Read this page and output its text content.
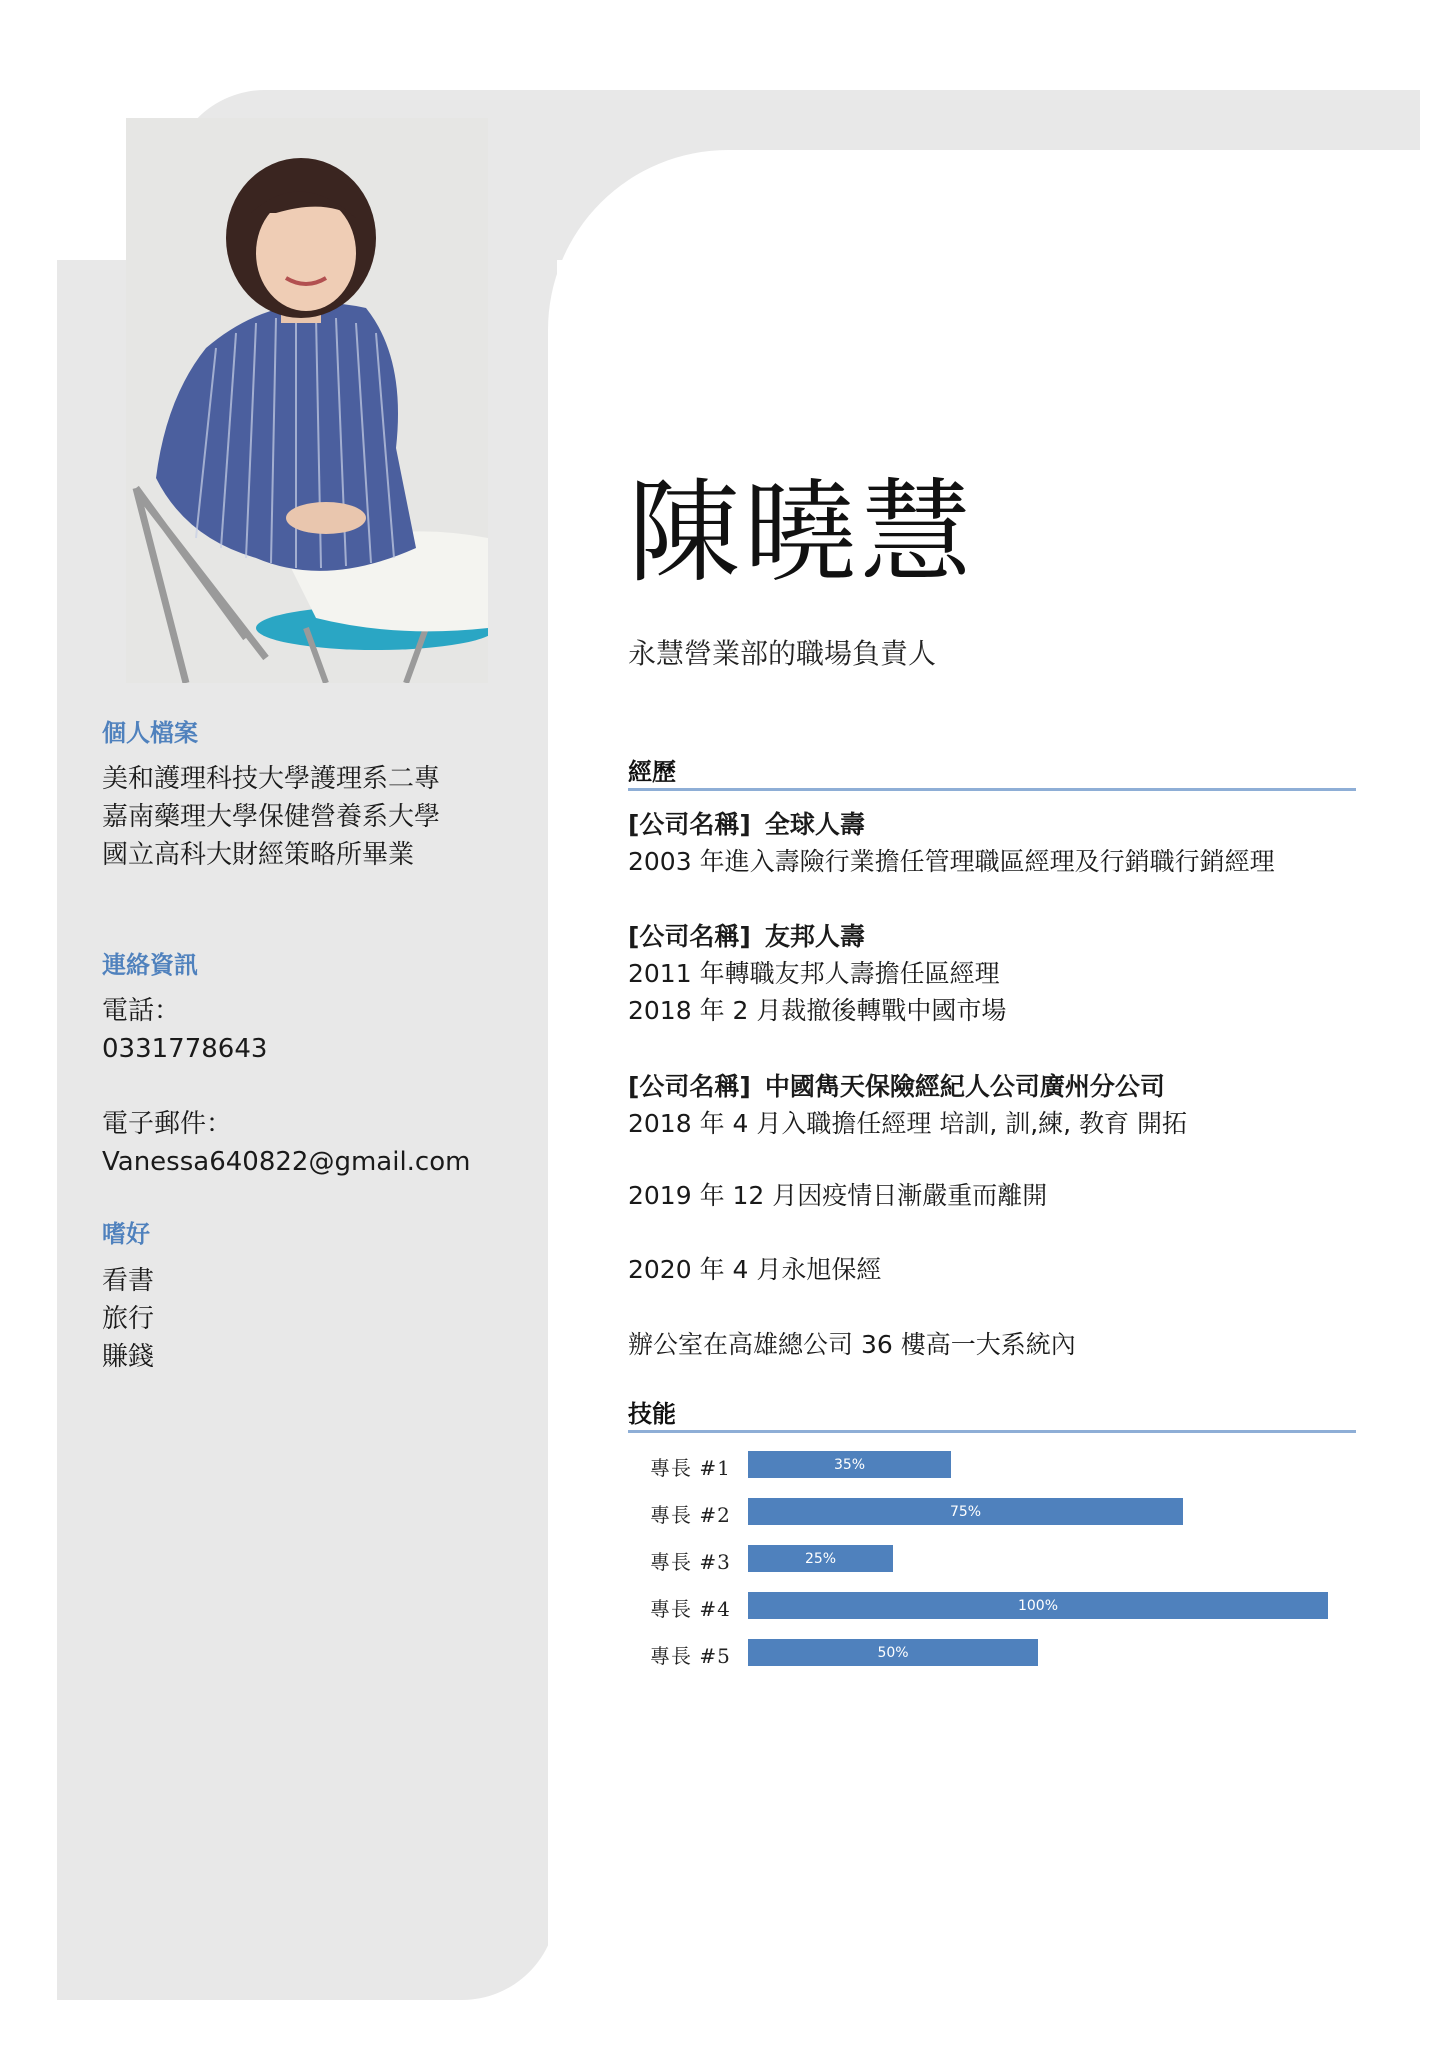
個人檔案
美和護理科技大學護理系二專
嘉南藥理大學保健營養系大學
國立高科大財經策略所畢業
連絡資訊
電話：
0331778643
電子郵件：
Vanessa640822@gmail.com
嗜好
看書
旅行
賺錢
陳曉慧
永慧營業部的職場負責人
經歷
[公司名稱] 全球人壽
2003 年進入壽險行業擔任管理職區經理及行銷職行銷經理
[公司名稱] 友邦人壽
2011 年轉職友邦人壽擔任區經理
2018 年 2 月裁撤後轉戰中國市場
[公司名稱] 中國雋天保險經紀人公司廣州分公司
2018 年 4 月入職擔任經理 培訓, 訓,練, 教育 開拓
2019 年 12 月因疫情日漸嚴重而離開
2020 年 4 月永旭保經
辦公室在高雄總公司 36 樓高一大系統內
技能
專長 #1	35%
專長 #2	75%
專長 #3	25%
專長 #4	100%
專長 #5	50%
